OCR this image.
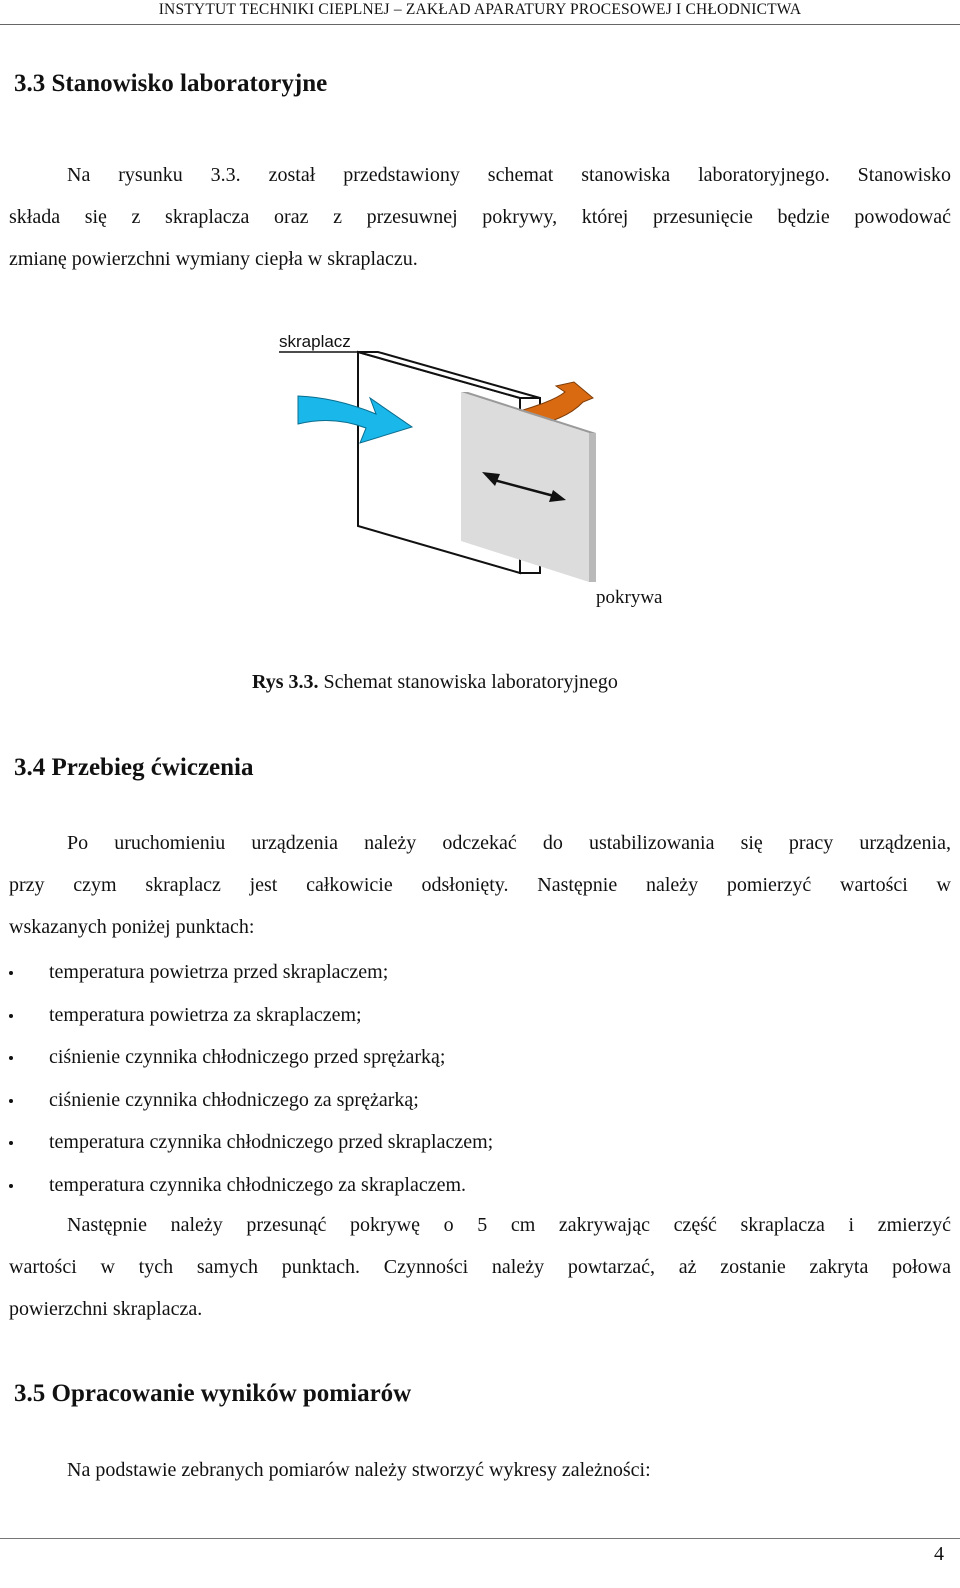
INSTYTUT TECHNIKI CIEPLNEJ – ZAKŁAD APARATURY PROCESOWEJ I CHŁODNICTWA
3.3 Stanowisko laboratoryjne
Na rysunku 3.3. został przedstawiony schemat stanowiska laboratoryjnego. Stanowisko
składa się z skraplacza oraz z przesuwnej pokrywy, której przesunięcie będzie powodować
zmianę powierzchni wymiany ciepła w skraplaczu.
skraplacz
pokrywa
Rys 3.3. Schemat stanowiska laboratoryjnego
3.4 Przebieg ćwiczenia
Po uruchomieniu urządzenia należy odczekać do ustabilizowania się pracy urządzenia,
przy czym skraplacz jest całkowicie odsłonięty. Następnie należy pomierzyć wartości w
wskazanych poniżej punktach:
temperatura powietrza przed skraplaczem;
temperatura powietrza za skraplaczem;
ciśnienie czynnika chłodniczego przed sprężarką;
ciśnienie czynnika chłodniczego za sprężarką;
temperatura czynnika chłodniczego przed skraplaczem;
temperatura czynnika chłodniczego za skraplaczem.
Następnie należy przesunąć pokrywę o 5 cm zakrywając część skraplacza i zmierzyć
wartości w tych samych punktach. Czynności należy powtarzać, aż zostanie zakryta połowa
powierzchni skraplacza.
3.5 Opracowanie wyników pomiarów
Na podstawie zebranych pomiarów należy stworzyć wykresy zależności:
4
